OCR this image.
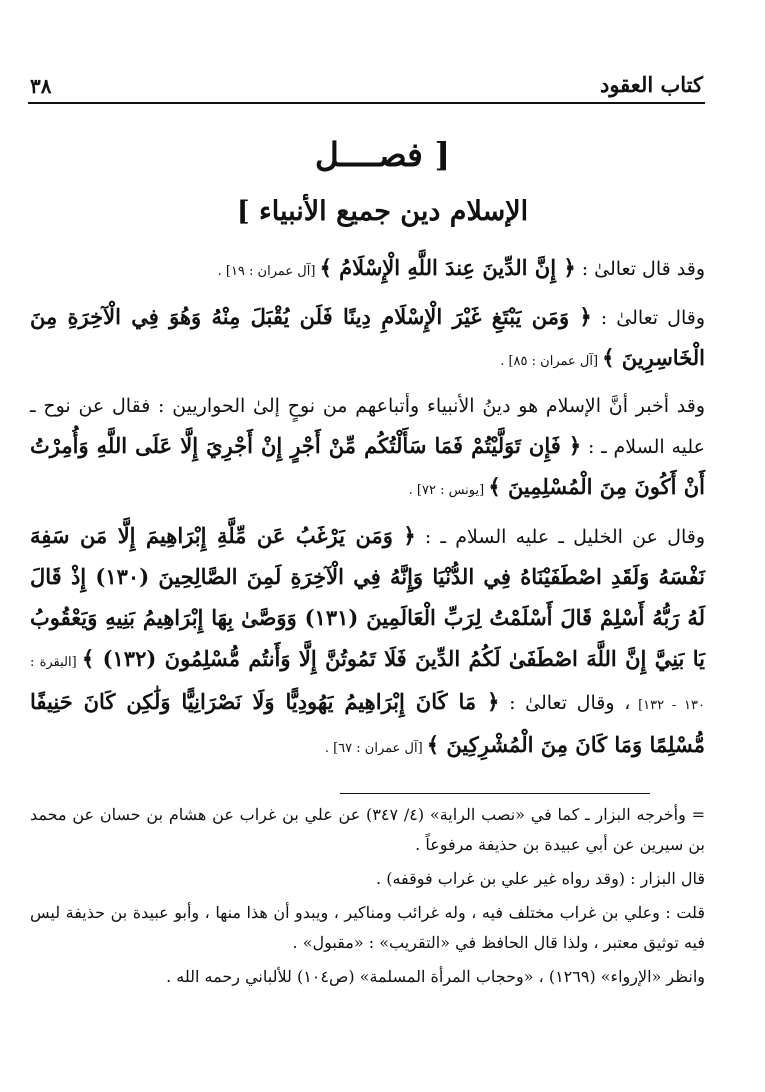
٣٨	كتاب العقود
[ فصــــل
الإسلام دين جميع الأنبياء ]

وقد قال تعالىٰ : ﴿ إِنَّ الدِّينَ عِندَ اللَّهِ الْإِسْلَامُ ﴾ [آل عمران : ١٩] .

وقال تعالىٰ : ﴿ وَمَن يَبْتَغِ غَيْرَ الْإِسْلَامِ دِينًا فَلَن يُقْبَلَ مِنْهُ وَهُوَ فِي الْآخِرَةِ مِنَ الْخَاسِرِينَ ﴾ [آل عمران : ٨٥] .

وقد أخبر أنَّ الإسلام هو دينُ الأنبياء وأتباعهم من نوحٍ إلىٰ الحواريين : فقال عن نوح ـ عليه السلام ـ : ﴿ فَإِن تَوَلَّيْتُمْ فَمَا سَأَلْتُكُم مِّنْ أَجْرٍ إِنْ أَجْرِيَ إِلَّا عَلَى اللَّهِ وَأُمِرْتُ أَنْ أَكُونَ مِنَ الْمُسْلِمِينَ ﴾ [يونس : ٧٢] .

وقال عن الخليل ـ عليه السلام ـ : ﴿ وَمَن يَرْغَبُ عَن مِّلَّةِ إِبْرَاهِيمَ إِلَّا مَن سَفِهَ نَفْسَهُ وَلَقَدِ اصْطَفَيْنَاهُ فِي الدُّنْيَا وَإِنَّهُ فِي الْآخِرَةِ لَمِنَ الصَّالِحِينَ (١٣٠) إِذْ قَالَ لَهُ رَبُّهُ أَسْلِمْ قَالَ أَسْلَمْتُ لِرَبِّ الْعَالَمِينَ (١٣١) وَوَصَّىٰ بِهَا إِبْرَاهِيمُ بَنِيهِ وَيَعْقُوبُ يَا بَنِيَّ إِنَّ اللَّهَ اصْطَفَىٰ لَكُمُ الدِّينَ فَلَا تَمُوتُنَّ إِلَّا وَأَنتُم مُّسْلِمُونَ (١٣٢) ﴾ [البقرة : ١٣٠ - ١٣٢] ، وقال تعالىٰ : ﴿ مَا كَانَ إِبْرَاهِيمُ يَهُودِيًّا وَلَا نَصْرَانِيًّا وَلَٰكِن كَانَ حَنِيفًا مُّسْلِمًا وَمَا كَانَ مِنَ الْمُشْرِكِينَ ﴾ [آل عمران : ٦٧] .

= وأخرجه البزار ـ كما في «نصب الراية» (٤/ ٣٤٧) عن علي بن غراب عن هشام بن حسان عن محمد بن سيرين عن أبي عبيدة بن حذيفة مرفوعاً .

قال البزار : (وقد رواه غير علي بن غراب فوقفه) .

قلت : وعلي بن غراب مختلف فيه ، وله غرائب ومناكير ، ويبدو أن هذا منها ، وأبو عبيدة بن حذيفة ليس فيه توثيق معتبر ، ولذا قال الحافظ في «التقريب» : «مقبول» .

وانظر «الإرواء» (١٢٦٩) ، «وحجاب المرأة المسلمة» (ص١٠٤) للألباني رحمه الله .
